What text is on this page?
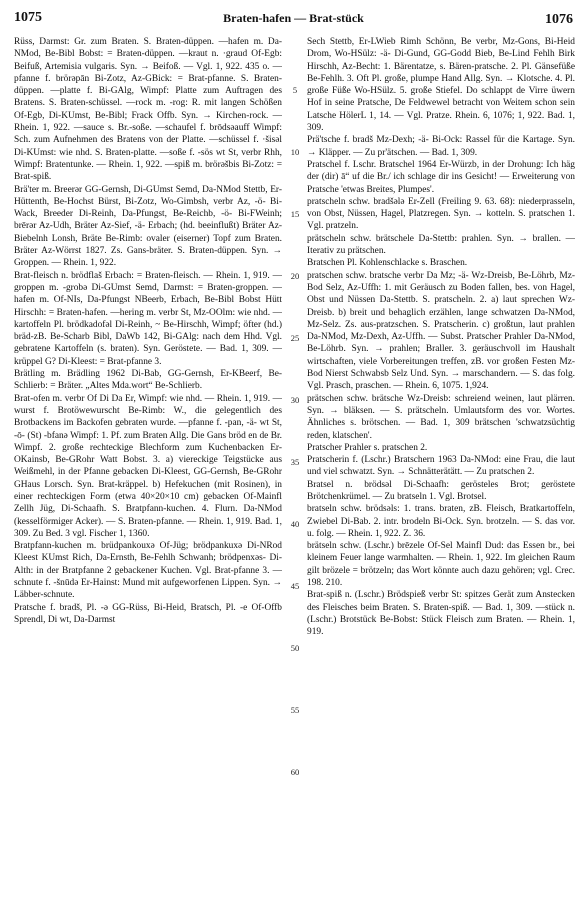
1075	Braten-hafen — Brat-stück	1076

Rüss, Darmst: Gr. zum Braten. S. Braten-düppen. —hafen m. Da-NMod, Be-Bibl Bobst: = Braten-düppen. —kraut n. ·graud Of-Egb: Beifuß, Artemisia vulgaris. Syn. → Beifoß. — Vgl. 1, 922. 435 o. —pfanne f. brörəpān Bi-Zotz, Az-GBick: = Brat-pfanne. S. Braten-düppen. —platte f. Bi-GAlg, Wimpf: Platte zum Auftragen des Bratens. S. Braten-schüssel. —rock m. -rog: R. mit langen Schößen Of-Egb, Di-KUmst, Be-Bibl; Frack Offb. Syn. → Kirchen-rock. — Rhein. 1, 922. —sauce s. Br.-soße. —schaufel f. brōdsəauff Wimpf: Sch. zum Aufnehmen des Bratens von der Platte. —schüssel f. ·šisəl Di-KUmst: wie nhd. S. Braten-platte. —soße f. -sös wt St, verbr Rhh, Wimpf: Bratentunke. — Rhein. 1, 922. —spiß m. brörəšbis Bi-Zotz: = Brat-spiß.

Brä'ter m. Breerər GG-Gernsh, Di-GUmst Semd, Da-NMod Stettb, Er-Hüttenth, Be-Hochst Bürst, Bi-Zotz, Wo-Gimbsh, verbr Az, -ö- Bi-Wack, Breeder Di-Reinh, Da-Pfungst, Be-Reichb, -ö- Bi-FWeinh; brērər Az-Udh, Bräter Az-Sief, -ä- Erbach; (hd. beeinflußt) Bräter Az-Biebelnh Lonsh, Bräte Be-Rimb: ovaler (eiserner) Topf zum Braten. Bräter Az-Wörrst 1827. Zs. Gans-bräter. S. Braten-düppen. Syn. → Groppen. — Rhein. 1, 922.

Brat-fleisch n. brödflaš Erbach: = Braten-fleisch. — Rhein. 1, 919. —groppen m. -grobə Di-GUmst Semd, Darmst: = Braten-groppen. —hafen m. Of-NIs, Da-Pfungst NBeerb, Erbach, Be-Bibl Bobst Hütt Hirschh: = Braten-hafen. —hering m. verbr St, Mz-OOlm: wie nhd. —kartoffeln Pl. brödkadofəl Di-Reinh, ~ Be-Hirschh, Wimpf; öfter (hd.) bräd-zB. Be-Scharb Bibl, DaWb 142, Bi-GAlg: nach dem Hhd. Vgl. gebratene Kartoffeln (s. braten). Syn. Geröstete. — Bad. 1, 309. —krüppel G? Di-Kleest: = Brat-pfanne 3.

Brätling m. Brädling 1962 Di-Bab, GG-Gernsh, Er-KBeerf, Be-Schlierb: = Bräter. „Altes Mda.wort“ Be-Schlierb.

Brat-ofen m. verbr Of Di Da Er, Wimpf: wie nhd. — Rhein. 1, 919. —wurst f. Brotöwewurscht Be-Rimb: W., die gelegentlich des Brotbackens im Backofen gebraten wurde. —pfanne f. -pan, -ä- wt St, -ō- (St) -bfanə Wimpf: 1. Pf. zum Braten Allg. Die Gans bröd en de Br. Wimpf. 2. große rechteckige Blechform zum Kuchenbacken Er-OKainsb, Be-GRohr Watt Bobst. 3. a) viereckige Teigstücke aus Weißmehl, in der Pfanne gebacken Di-Kleest, GG-Gernsh, Be-GRohr GHaus Lorsch. Syn. Brat-kräppel. b) Hefekuchen (mit Rosinen), in einer rechteckigen Form (etwa 40×20×10 cm) gebacken Of-Mainfl Zellh Jüg, Di-Schaafh. S. Bratpfann-kuchen. 4. Flurn. Da-NMod (kesselförmiger Acker). — S. Braten-pfanne. — Rhein. 1, 919. Bad. 1, 309. Zu Bed. 3 vgl. Fischer 1, 1360.

Bratpfann-kuchen m. brüdpankouxə Of-Jüg; brödpankuxə Di-NRod Kleest KUmst Rich, Da-Ernsth, Be-Fehlh Schwanh; brödpenxəs- Di-Alth: in der Bratpfanne 2 gebackener Kuchen. Vgl. Brat-pfanne 3. —schnute f. -šnūdə Er-Hainst: Mund mit aufgeworfenen Lippen. Syn. → Läbber-schnute.

Pratsche f. bradš, Pl. -ə GG-Rüss, Bi-Heid, Bratsch, Pl. -e Of-Offb Sprendl, Di wt, Da-Darmst

5
10
15
20
25
30
35
40
45
50
55
60

Sech Stettb, Er-LWieb Rimh Schönn, Be verbr, Mz-Gons, Bi-Heid Drom, Wo-HSülz: -ä- Di-Gund, GG-Godd Bieb, Be-Lind Fehlh Birk Hirschh, Az-Becht: 1. Bärentatze, s. Bären-pratsche. 2. Pl. Gänsefüße Be-Fehlh. 3. Oft Pl. große, plumpe Hand Allg. Syn. → Klotsche. 4. Pl. große Füße Wo-HSülz. 5. große Stiefel. Do schlappt de Virre üwern Hof in seine Pratsche, De Feldwewel betracht von Weitem schon sein Latsche HölerL 1, 14. — Vgl. Pratze. Rhein. 6, 1076; 1, 922. Bad. 1, 309.

Prä'tsche f. bradš Mz-Dexh; -ä- Bi-Ock: Rassel für die Kartage. Syn. → Kläpper. — Zu pr'ätschen. — Bad. 1, 309.

Pratschel f. Lschr. Bratschel 1964 Er-Würzb, in der Drohung: Ich häg der (dir) ā“ uf die Br./ ich schlage dir ins Gesicht! — Erweiterung von Pratsche 'etwas Breites, Plumpes'.

pratscheln schw. bradšələ Er-Zell (Freiling 9. 63. 68): niederprasseln, von Obst, Nüssen, Hagel, Platzregen. Syn. → kotteln. S. pratschen 1. Vgl. pratzeln.

prätscheln schw. brätschele Da-Stettb: prahlen. Syn. → brallen. — Iterativ zu prätschen.

Bratschen Pl. Kohlenschlacke s. Braschen.

pratschen schw. bratsche verbr Da Mz; -ä- Wz-Dreisb, Be-Löhrb, Mz-Bod Selz, Az-Uffh: 1. mit Geräusch zu Boden fallen, bes. von Hagel, Obst und Nüssen Da-Stettb. S. pratscheln. 2. a) laut sprechen Wz-Dreisb. b) breit und behaglich erzählen, lange schwatzen Da-NMod, Mz-Selz. Zs. aus-pratzschen. S. Pratscherin. c) großtun, laut prahlen Da-NMod, Mz-Dexh, Az-Uffh. — Subst. Pratscher Prahler Da-NMod, Be-Löhrb. Syn. → prahlen; Braller. 3. geräuschvoll im Haushalt wirtschaften, viele Vorbereitungen treffen, zB. vor großen Festen Mz-Bod Nierst Schwabsb Selz Und. Syn. → marschandern. — S. das folg. Vgl. Prasch, praschen. — Rhein. 6, 1075. 1,924.

prätschen schw. brätsche Wz-Dreisb: schreiend weinen, laut plärren. Syn. → bläksen. — S. prätscheln. Umlautsform des vor. Wortes. Ähnliches s. brötschen. — Bad. 1, 309 brätschen 'schwatzsüchtig reden, klatschen'.

Pratscher Prahler s. pratschen 2.

Pratscherin f. (Lschr.) Bratschern 1963 Da-NMod: eine Frau, die laut und viel schwatzt. Syn. → Schnätterätätt. — Zu pratschen 2.

Bratsel n. brödsəl Di-Schaafh: gerösteles Brot; geröstete Brötchenkrümel. — Zu bratseln 1. Vgl. Brotsel.

bratseln schw. brödsəls: 1. trans. braten, zB. Fleisch, Bratkartoffeln, Zwiebel Di-Bab. 2. intr. brodeln Bi-Ock. Syn. brotzeln. — S. das vor. u. folg. — Rhein. 1, 922. Z. 36.

brätseln schw. (Lschr.) brēzele Of-Sel Mainfl Dud: das Essen br., bei kleinem Feuer lange warmhalten. — Rhein. 1, 922. Im gleichen Raum gilt brözele = brötzeln; das Wort könnte auch dazu gehören; vgl. Crec. 198. 210.

Brat-spiß n. (Lschr.) Brödspieß verbr St: spitzes Gerät zum Anstecken des Fleisches beim Braten. S. Braten-spiß. — Bad. 1, 309. —stück n. (Lschr.) Brotstück Be-Bobst: Stück Fleisch zum Braten. — Rhein. 1, 919.
